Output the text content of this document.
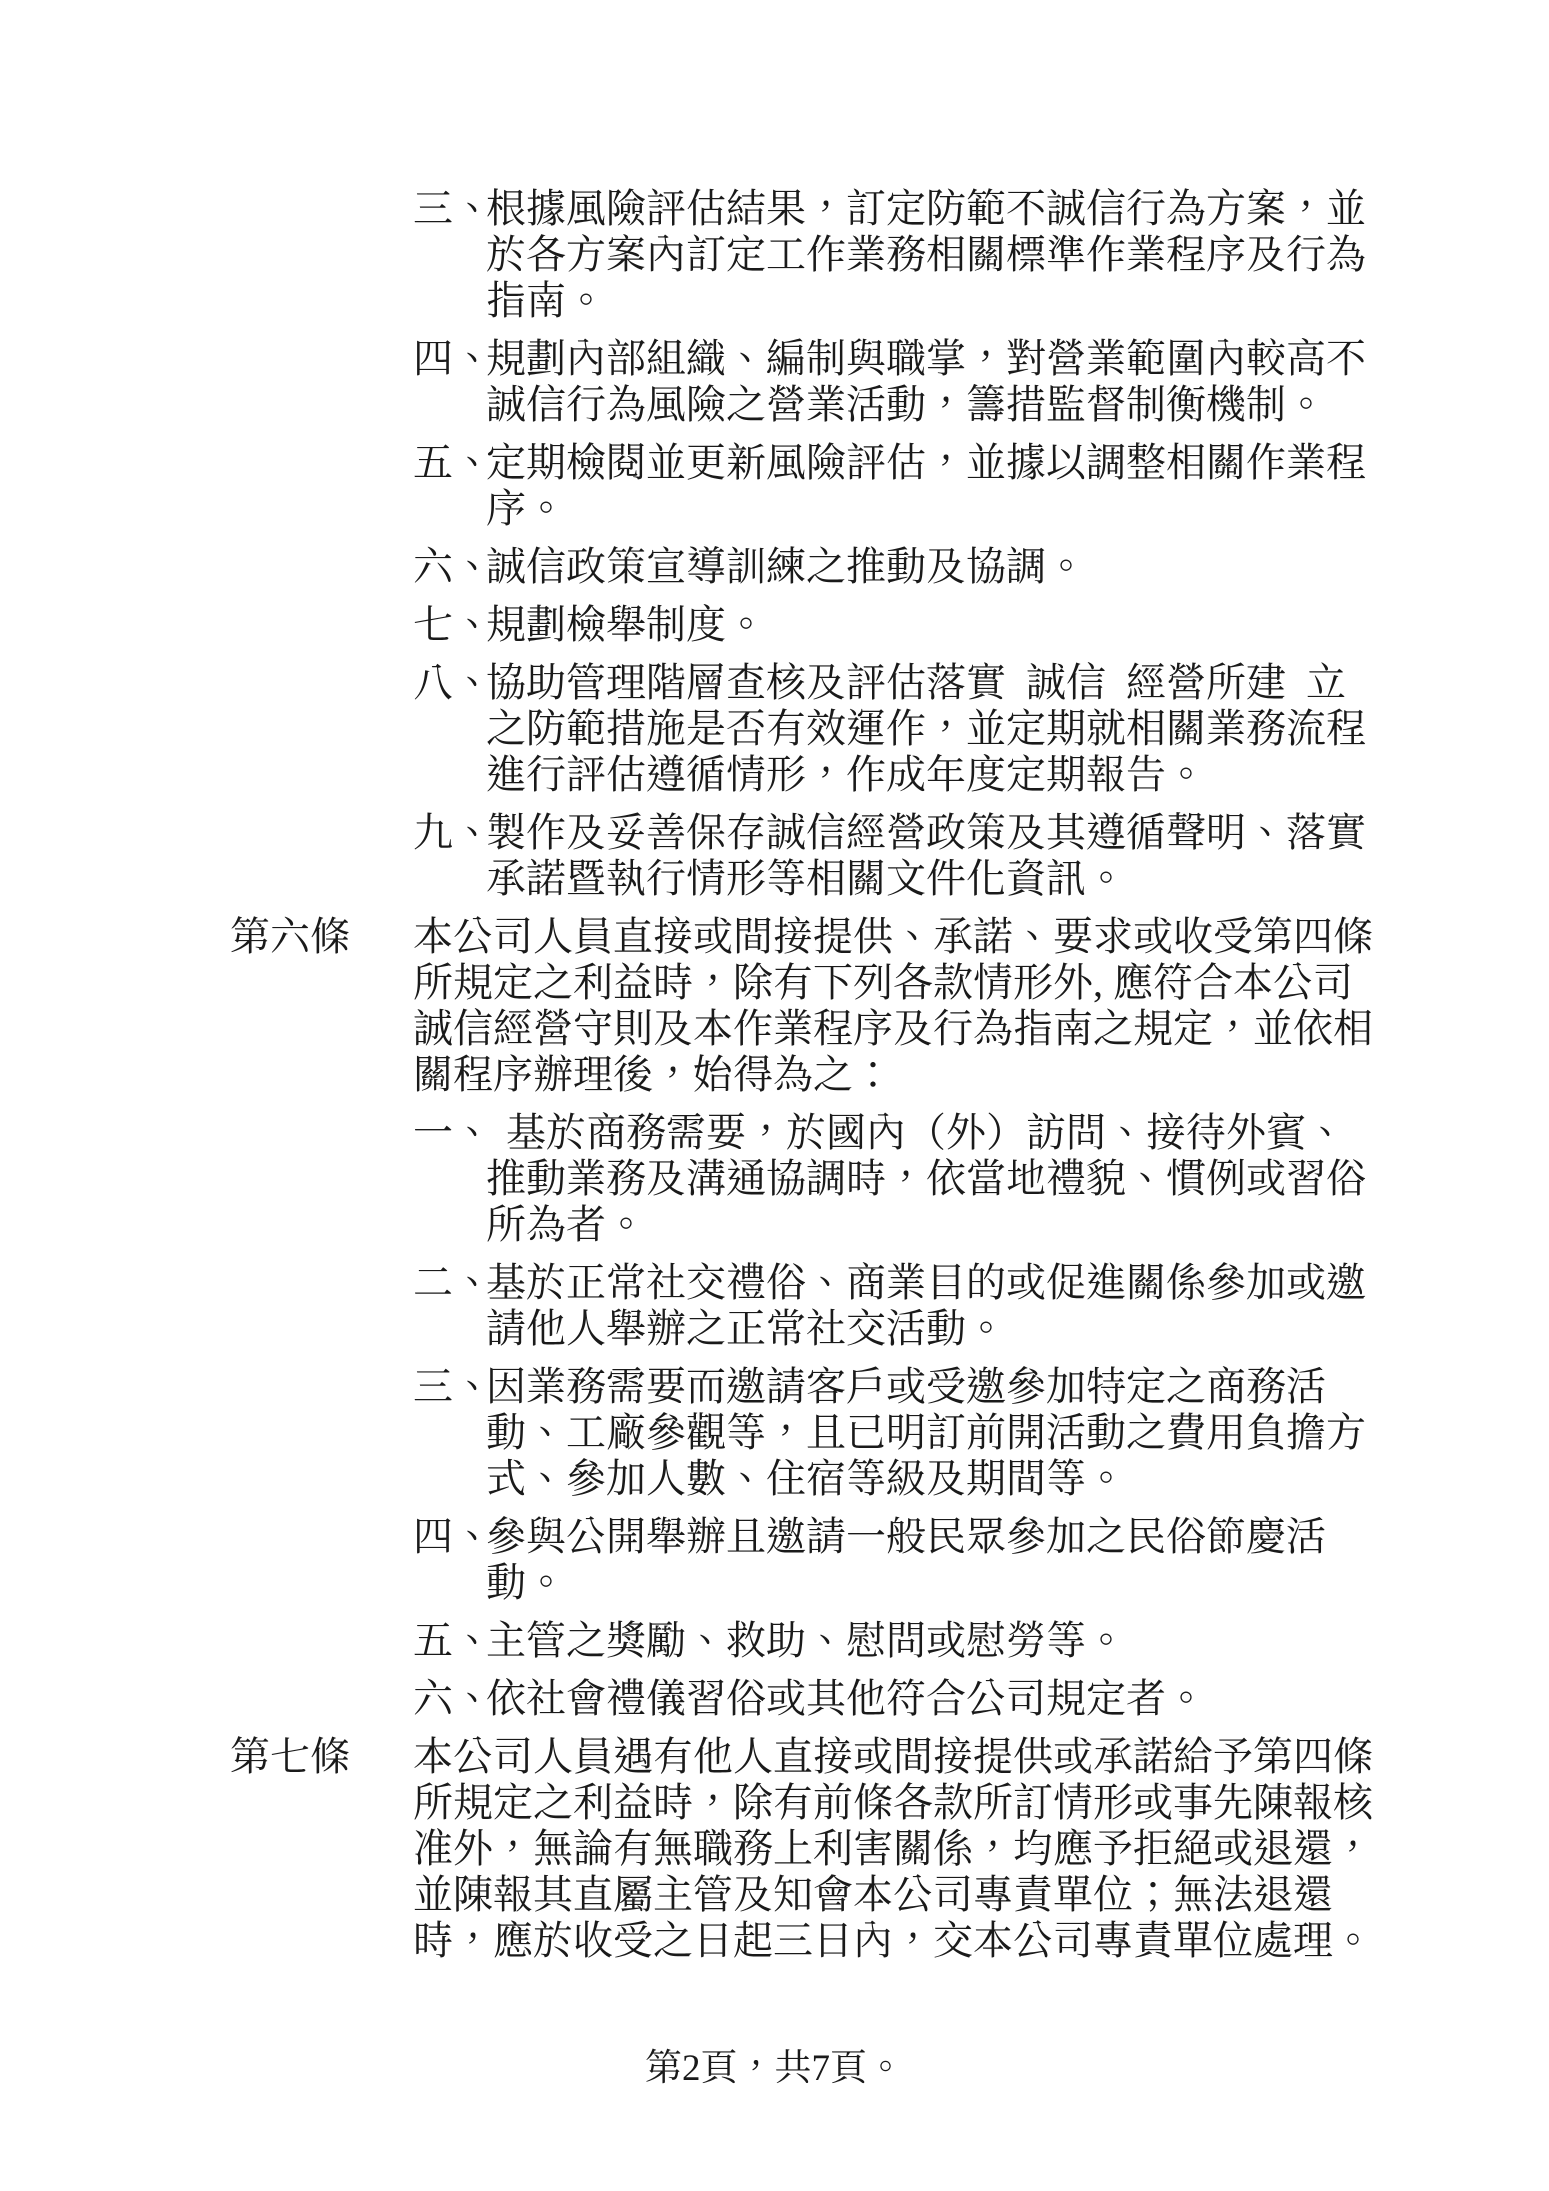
三、
根據風險評估結果，訂定防範不誠信行為方案，並
於各方案內訂定工作業務相關標準作業程序及行為
指南。
四、
規劃內部組織、編制與職掌，對營業範圍內較高不
誠信行為風險之營業活動，籌措監督制衡機制。
五、
定期檢閱並更新風險評估，並據以調整相關作業程
序。
六、
誠信政策宣導訓練之推動及協調。
七、
規劃檢舉制度。
八、
協助管理階層查核及評估落實 誠信 經營所建 立
之防範措施是否有效運作，並定期就相關業務流程
進行評估遵循情形，作成年度定期報告。
九、
製作及妥善保存誠信經營政策及其遵循聲明、落實
承諾暨執行情形等相關文件化資訊。
第六條	本公司人員直接或間接提供、承諾、要求或收受第四條
所規定之利益時，除有下列各款情形外, 應符合本公司
誠信經營守則及本作業程序及行為指南之規定，並依相
關程序辦理後，始得為之：
一、
 基於商務需要，於國內（外）訪問、接待外賓、
推動業務及溝通協調時，依當地禮貌、慣例或習俗
所為者。
二、
基於正常社交禮俗、商業目的或促進關係參加或邀
請他人舉辦之正常社交活動。
三、
因業務需要而邀請客戶或受邀參加特定之商務活
動、工廠參觀等，且已明訂前開活動之費用負擔方
式、參加人數、住宿等級及期間等。
四、
參與公開舉辦且邀請一般民眾參加之民俗節慶活
動。
五、
主管之獎勵、救助、慰問或慰勞等。
六、
依社會禮儀習俗或其他符合公司規定者。
第七條	本公司人員遇有他人直接或間接提供或承諾給予第四條
所規定之利益時，除有前條各款所訂情形或事先陳報核
准外，無論有無職務上利害關係，均應予拒絕或退還，
並陳報其直屬主管及知會本公司專責單位；無法退還
時，應於收受之日起三日內，交本公司專責單位處理。
第2頁，共7頁。
